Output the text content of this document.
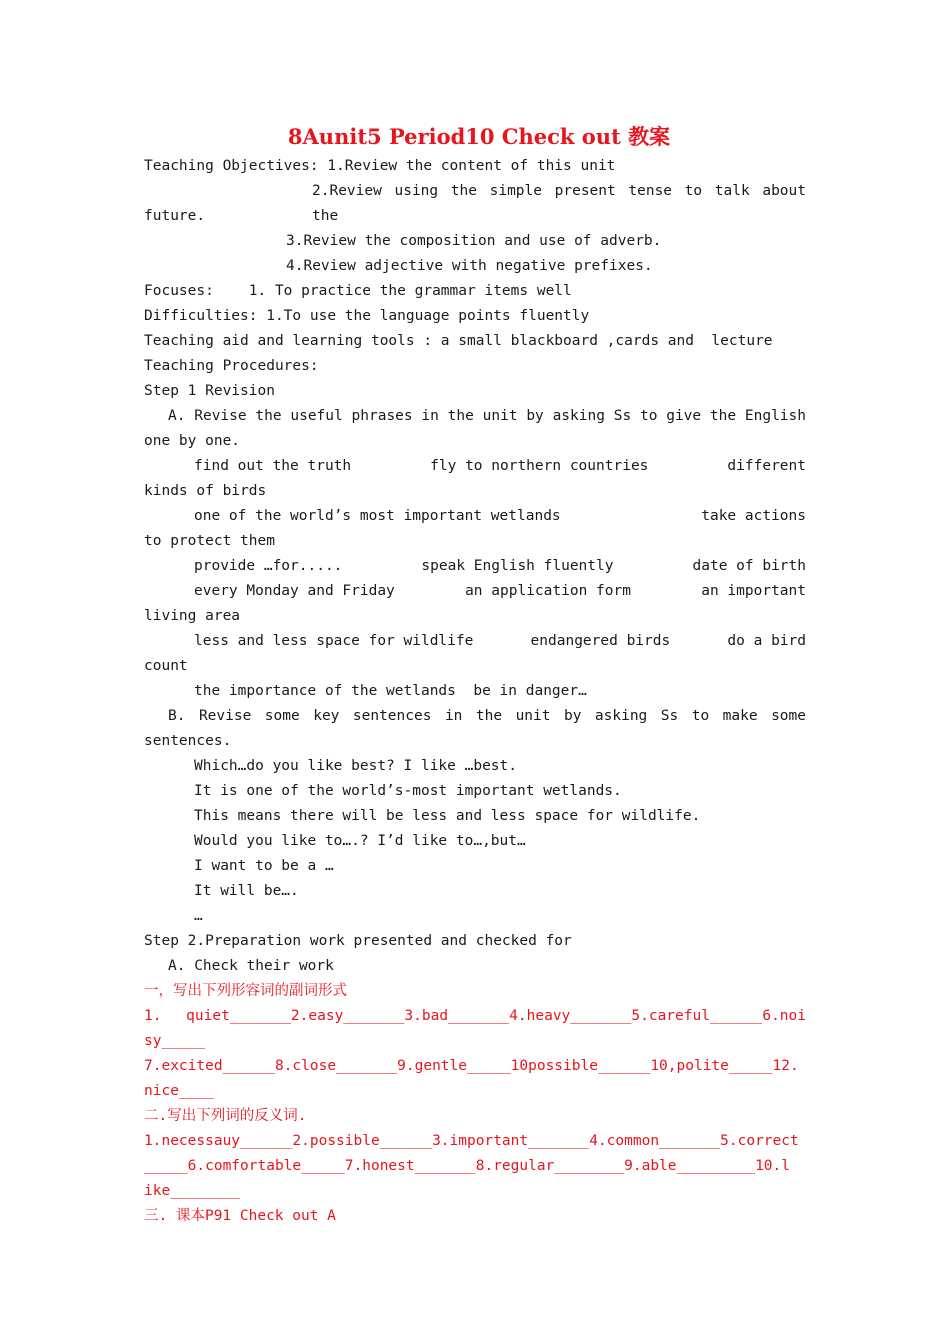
8Aunit5 Period10 Check out 教案
Teaching Objectives: 1.Review the content of this unit
2.Review using the simple present tense to talk about the
future.
3.Review the composition and use of adverb.
4.Review adjective with negative prefixes.
Focuses:    1. To practice the grammar items well
Difficulties: 1.To use the language points fluently
Teaching aid and learning tools : a small blackboard ,cards and  lecture
Teaching Procedures:
Step 1 Revision
A. Revise the useful phrases in the unit by asking Ss to give the English
one by one.
find out the truth	fly to northern countries	different
kinds of birds
one of the world’s most important wetlands	take actions
to protect them
provide …for.....	speak English fluently	date of birth
every Monday and Friday	an application form	an important
living area
less and less space for wildlife	endangered birds	do a bird
count
the importance of the wetlands  be in danger…
B. Revise some key sentences in the unit by asking Ss to make some
sentences.
Which…do you like best? I like …best.
It is one of the world’s-most important wetlands.
This means there will be less and less space for wildlife.
Would you like to….? I’d like to…,but…
I want to be a …
It will be….
…
Step 2.Preparation work presented and checked for
A. Check their work
一，写出下列形容词的副词形式
1. quiet_______2.easy_______3.bad_______4.heavy_______5.careful______6.noi
sy_____
7.excited______8.close_______9.gentle_____10possible______10,polite_____12.
nice____
二.写出下列词的反义词.
1.necessauy______2.possible______3.important_______4.common_______5.correct
_____6.comfortable_____7.honest_______8.regular________9.able_________10.l
ike________
三. 课本P91 Check out A
